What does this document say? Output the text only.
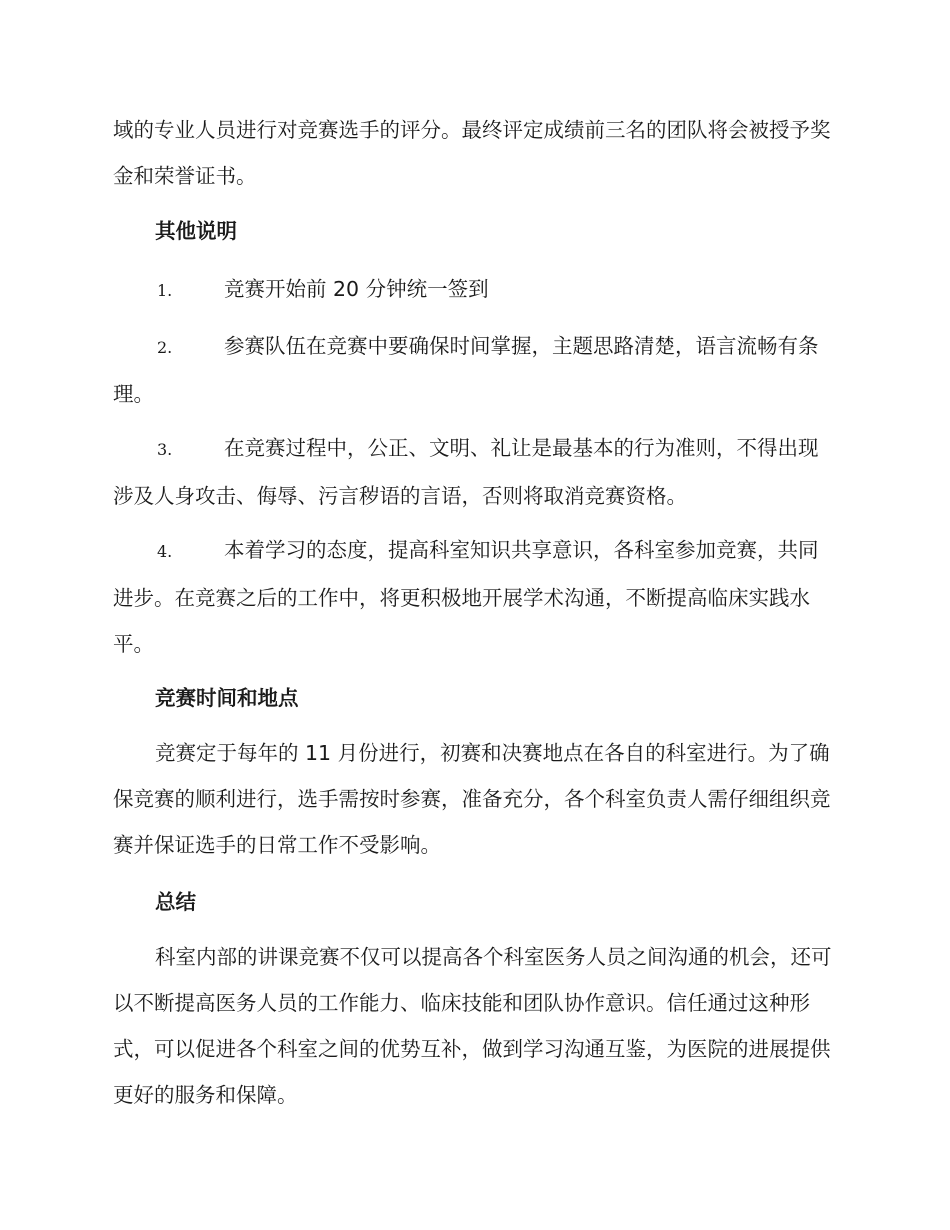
域的专业人员进行对竞赛选手的评分。最终评定成绩前三名的团队将会被授予奖金和荣誉证书。

其他说明

1.	竞赛开始前 20 分钟统一签到

2.	参赛队伍在竞赛中要确保时间掌握，主题思路清楚，语言流畅有条理。

3.	在竞赛过程中，公正、文明、礼让是最基本的行为准则，不得出现涉及人身攻击、侮辱、污言秽语的言语，否则将取消竞赛资格。

4.	本着学习的态度，提高科室知识共享意识，各科室参加竞赛，共同进步。在竞赛之后的工作中，将更积极地开展学术沟通，不断提高临床实践水平。

竞赛时间和地点

竞赛定于每年的 11 月份进行，初赛和决赛地点在各自的科室进行。为了确保竞赛的顺利进行，选手需按时参赛，准备充分，各个科室负责人需仔细组织竞赛并保证选手的日常工作不受影响。

总结

科室内部的讲课竞赛不仅可以提高各个科室医务人员之间沟通的机会，还可以不断提高医务人员的工作能力、临床技能和团队协作意识。信任通过这种形式，可以促进各个科室之间的优势互补，做到学习沟通互鉴，为医院的进展提供更好的服务和保障。
